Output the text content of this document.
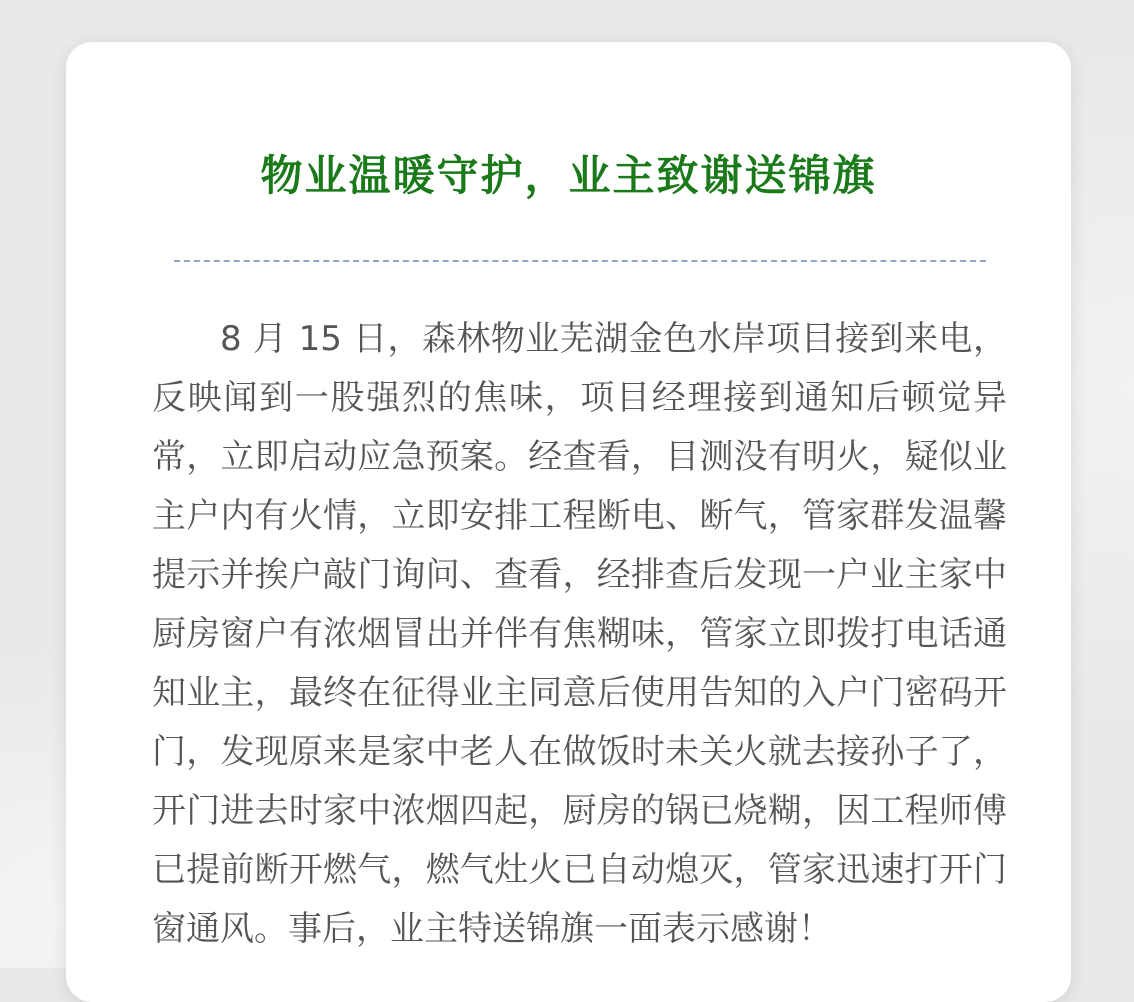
物业温暖守护，业主致谢送锦旗

8 月 15 日，森林物业芜湖金色水岸项目接到来电，反映闻到一股强烈的焦味，项目经理接到通知后顿觉异常，立即启动应急预案。经查看，目测没有明火，疑似业主户内有火情，立即安排工程断电、断气，管家群发温馨提示并挨户敲门询问、查看，经排查后发现一户业主家中厨房窗户有浓烟冒出并伴有焦糊味，管家立即拨打电话通知业主，最终在征得业主同意后使用告知的入户门密码开门，发现原来是家中老人在做饭时未关火就去接孙子了，开门进去时家中浓烟四起，厨房的锅已烧糊，因工程师傅已提前断开燃气，燃气灶火已自动熄灭，管家迅速打开门窗通风。事后，业主特送锦旗一面表示感谢！
